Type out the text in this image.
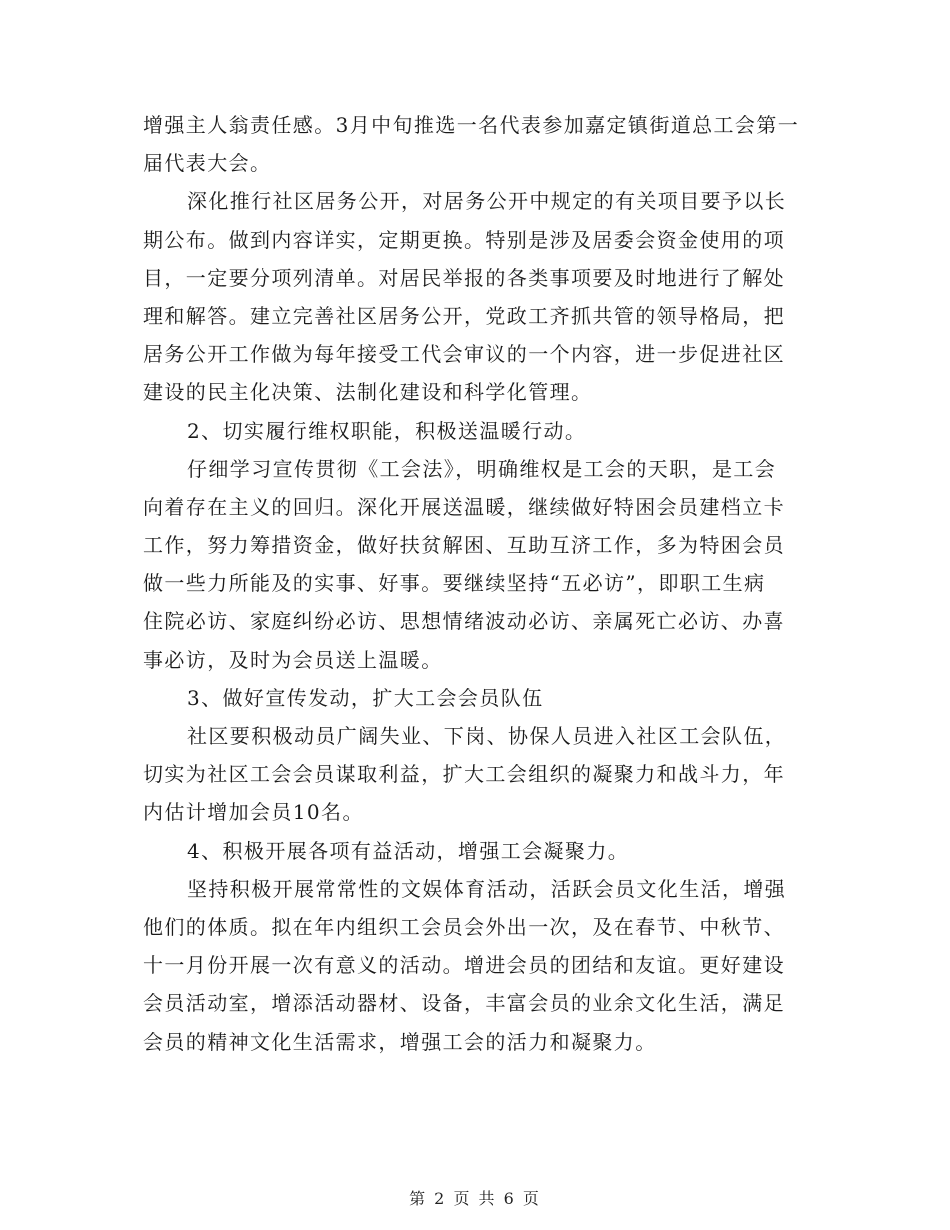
增强主人翁责任感。3月中旬推选一名代表参加嘉定镇街道总工会第一
届代表大会。
深化推行社区居务公开，对居务公开中规定的有关项目要予以长
期公布。做到内容详实，定期更换。特别是涉及居委会资金使用的项
目，一定要分项列清单。对居民举报的各类事项要及时地进行了解处
理和解答。建立完善社区居务公开，党政工齐抓共管的领导格局，把
居务公开工作做为每年接受工代会审议的一个内容，进一步促进社区
建设的民主化决策、法制化建设和科学化管理。
2、切实履行维权职能，积极送温暖行动。
仔细学习宣传贯彻《工会法》，明确维权是工会的天职，是工会
向着存在主义的回归。深化开展送温暖，继续做好特困会员建档立卡
工作，努力筹措资金，做好扶贫解困、互助互济工作，多为特困会员
做一些力所能及的实事、好事。要继续坚持“五必访”，即职工生病
住院必访、家庭纠纷必访、思想情绪波动必访、亲属死亡必访、办喜
事必访，及时为会员送上温暖。
3、做好宣传发动，扩大工会会员队伍
社区要积极动员广阔失业、下岗、协保人员进入社区工会队伍，
切实为社区工会会员谋取利益，扩大工会组织的凝聚力和战斗力，年
内估计增加会员10名。
4、积极开展各项有益活动，增强工会凝聚力。
坚持积极开展常常性的文娱体育活动，活跃会员文化生活，增强
他们的体质。拟在年内组织工会员会外出一次，及在春节、中秋节、
十一月份开展一次有意义的活动。增进会员的团结和友谊。更好建设
会员活动室，增添活动器材、设备，丰富会员的业余文化生活，满足
会员的精神文化生活需求，增强工会的活力和凝聚力。
第 2 页 共 6 页
